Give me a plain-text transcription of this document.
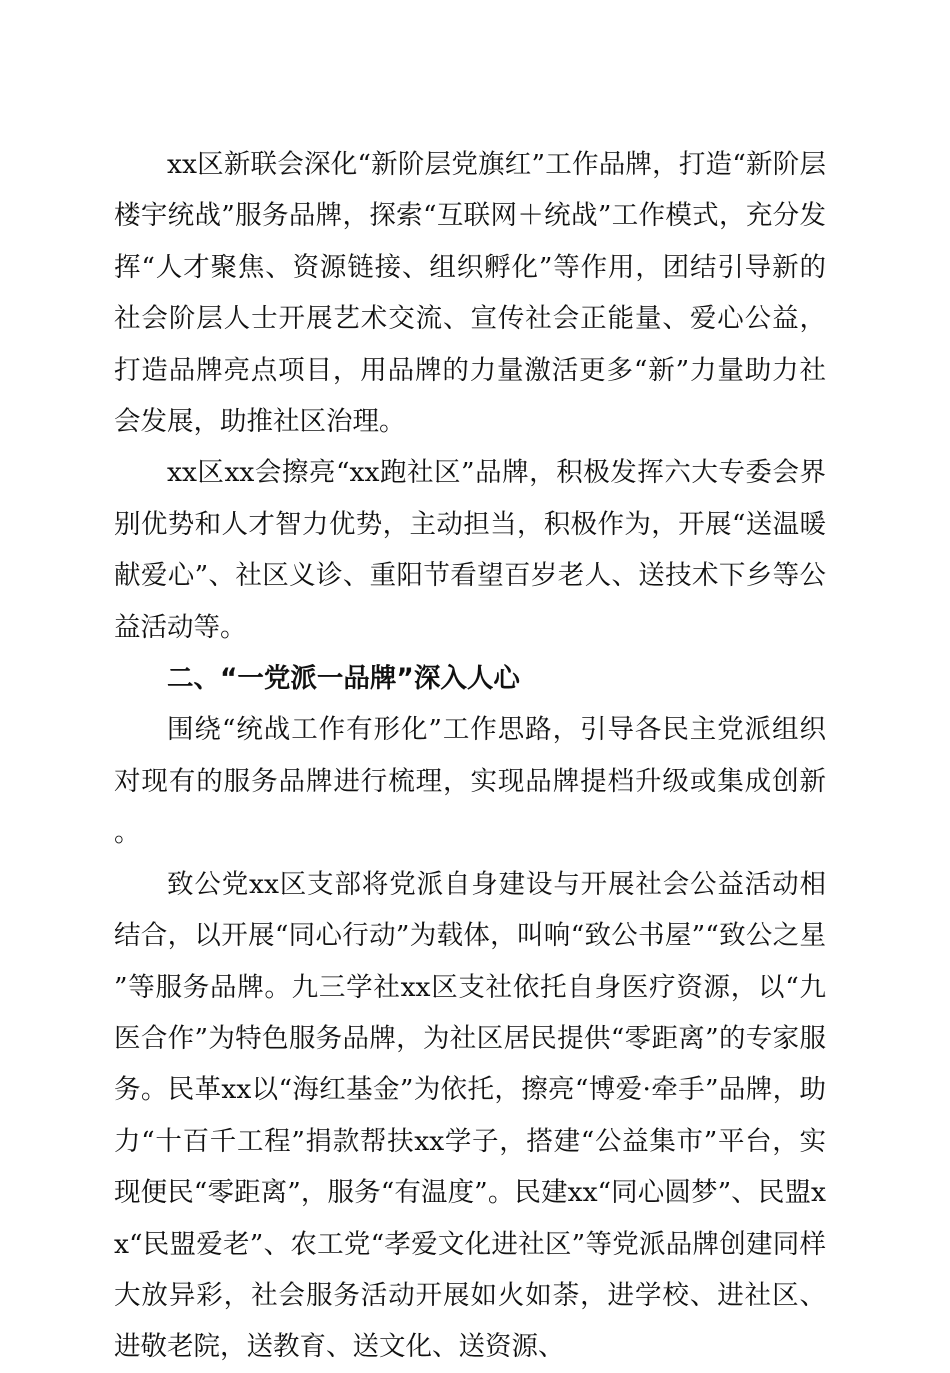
xx区新联会深化“新阶层党旗红”工作品牌，打造“新阶层楼宇统战”服务品牌，探索“互联网＋统战”工作模式，充分发挥“人才聚焦、资源链接、组织孵化”等作用，团结引导新的社会阶层人士开展艺术交流、宣传社会正能量、爱心公益，打造品牌亮点项目，用品牌的力量激活更多“新”力量助力社会发展，助推社区治理。

xx区xx会擦亮“xx跑社区”品牌，积极发挥六大专委会界别优势和人才智力优势，主动担当，积极作为，开展“送温暖献爱心”、社区义诊、重阳节看望百岁老人、送技术下乡等公益活动等。

二、“一党派一品牌”深入人心

围绕“统战工作有形化”工作思路，引导各民主党派组织对现有的服务品牌进行梳理，实现品牌提档升级或集成创新。

致公党xx区支部将党派自身建设与开展社会公益活动相结合，以开展“同心行动”为载体，叫响“致公书屋”“致公之星”等服务品牌。九三学社xx区支社依托自身医疗资源，以“九医合作”为特色服务品牌，为社区居民提供“零距离”的专家服务。民革xx以“海红基金”为依托，擦亮“博爱·牵手”品牌，助力“十百千工程”捐款帮扶xx学子，搭建“公益集市”平台，实现便民“零距离”，服务“有温度”。民建xx“同心圆梦”、民盟xx“民盟爱老”、农工党“孝爱文化进社区”等党派品牌创建同样大放异彩，社会服务活动开展如火如荼，进学校、进社区、进敬老院，送教育、送文化、送资源、
